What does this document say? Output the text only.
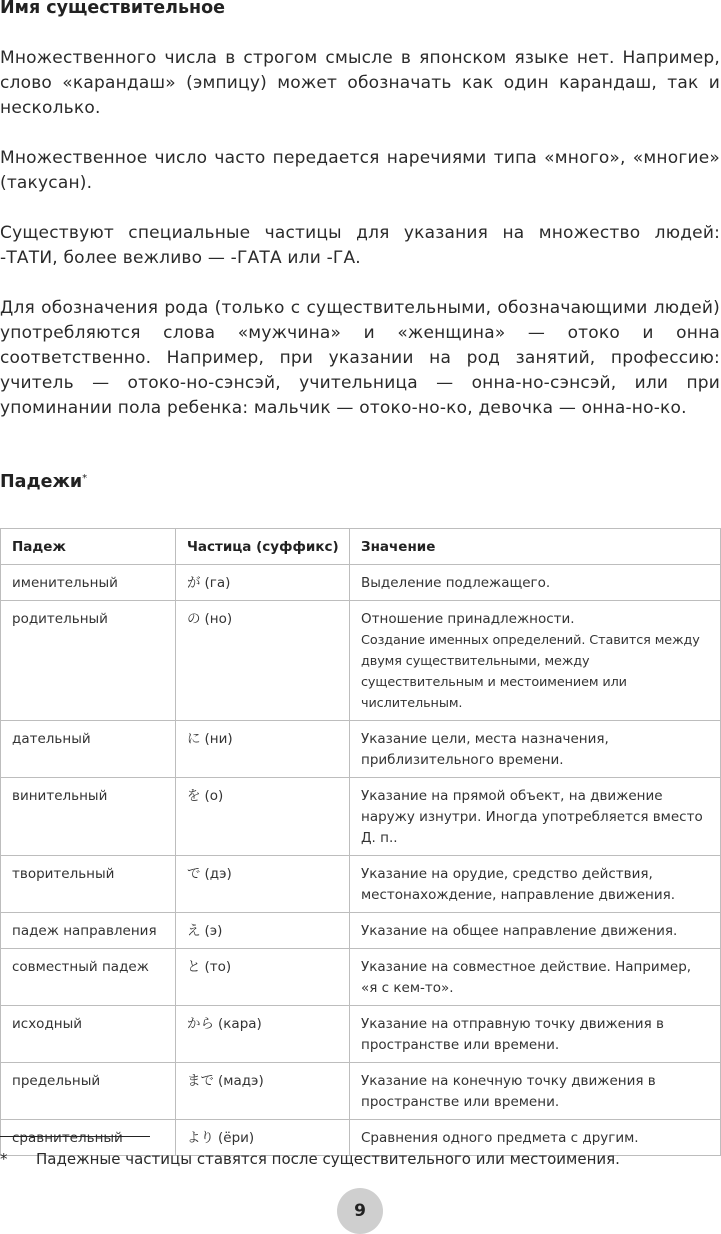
Имя существительное

Множественного числа в строгом смысле в японском языке нет. Например, слово «карандаш» (эмпицу) может обозначать как один карандаш, так и несколько.

Множественное число часто передается наречиями типа «много», «многие» (такусан).

Существуют специальные частицы для указания на множество людей: -ТАТИ, более вежливо — -ГАТА или -ГА.

Для обозначения рода (только с существительными, обозначающими людей) употребляются слова «мужчина» и «женщина» — отоко и онна соответственно. Например, при указании на род занятий, профессию: учитель — отоко-но-сэнсэй, учительница — онна-но-сэнсэй, или при упоминании пола ребенка: мальчик — отоко-но-ко, девочка — онна-но-ко.

Падежи*
Падеж	Частица (суффикс)	Значение
именительный	が (га)	Выделение подлежащего.
родительный	の (но)	Отношение принадлежности.
Создание именных определений. Ставится между двумя существительными, между существительным и местоимением или числительным.

дательный	に (ни)	Указание цели, места назначения, приблизительного времени.
винительный	を (о)	Указание на прямой объект, на движение наружу изнутри. Иногда употребляется вместо Д. п..
творительный	で (дэ)	Указание на орудие, средство действия, местонахождение, направление движения.
падеж направления	え (э)	Указание на общее направление движения.
совместный падеж	と (то)	Указание на совместное действие. Например, «я с кем-то».
исходный	から (кара)	Указание на отправную точку движения в пространстве или времени.
предельный	まで (мадэ)	Указание на конечную точку движения в пространстве или времени.
сравнительный	より (ёри)	Сравнения одного предмета с другим.
* Падежные частицы ставятся после существительного или местоимения.
9
